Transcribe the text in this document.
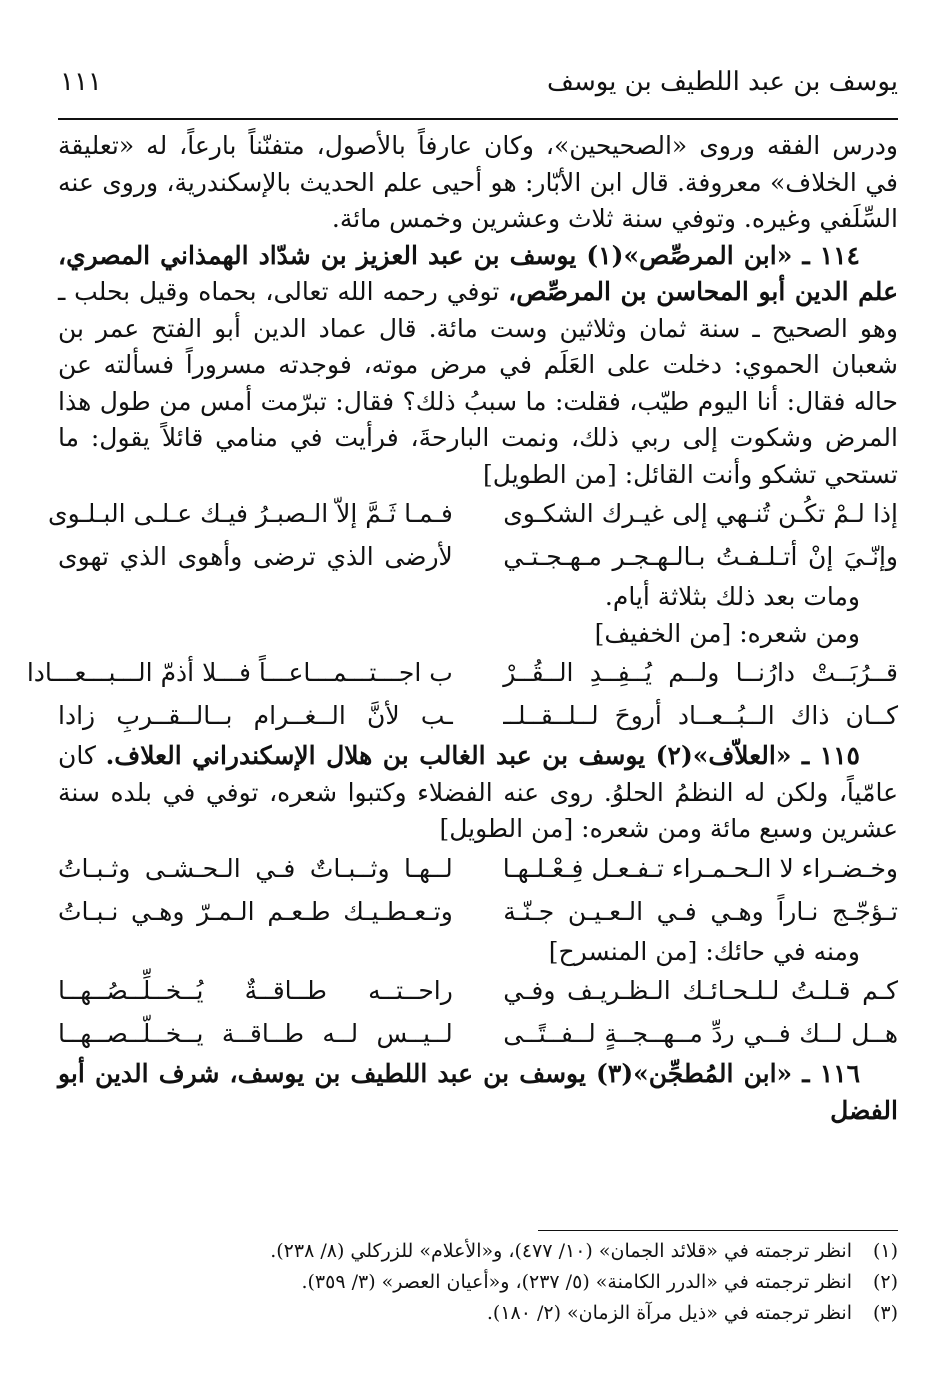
يوسف بن عبد اللطيف بن يوسف
١١١

ودرس الفقه وروى «الصحيحين»، وكان عارفاً بالأصول، متفنّناً بارعاً، له «تعليقة في الخلاف» معروفة. قال ابن الأبّار: هو أحيى علم الحديث بالإسكندرية، وروى عنه السِّلَفي وغيره. وتوفي سنة ثلاث وعشرين وخمس مائة.

١١٤ ـ «ابن المرصِّص»(١) يوسف بن عبد العزيز بن شدّاد الهمذاني المصري، علم الدين أبو المحاسن بن المرصِّص، توفي رحمه الله تعالى، بحماه وقيل بحلب ـ وهو الصحيح ـ سنة ثمان وثلاثين وست مائة. قال عماد الدين أبو الفتح عمر بن شعبان الحموي: دخلت على العَلَم في مرض موته، فوجدته مسروراً فسألته عن حاله فقال: أنا اليوم طيّب، فقلت: ما سببُ ذلك؟ فقال: تبرّمت أمس من طول هذا المرض وشكوت إلى ربي ذلك، ونمت البارحةَ، فرأيت في منامي قائلاً يقول: ما تستحي تشكو وأنت القائل: [من الطويل]

إذا لـمْ تكُـن تُنـهي إلى غيـرك الشكـوى
فـمـا ثَـمَّ إلاّ الـصبـرُ فيـك عـلـى البـلـوى
وإنّـيَ إنْ أتـلـفـتُ بـالـهـجـر مـهـجـتـي
لأرضى الذي ترضى وأهوى الذي تهوى

ومات بعد ذلك بثلاثة أيام.

ومن شعره: [من الخفيف]

قــرُبَــتْ دارُنــا ولــم يُــفِــدِ الــقُــرْ
ب اجـــتـــمـــاعـــاً فـــلا أذمّ الـــبـــعـــادا
كــان ذاك الــبُــعــاد أروحَ لــلــقــلــ
ـب لأنَّ الــغــرام بــالــقــربِ زادا

١١٥ ـ «العلاّف»(٢) يوسف بن عبد الغالب بن هلال الإسكندراني العلاف. كان عامّياً، ولكن له النظمُ الحلوُ. روى عنه الفضلاء وكتبوا شعره، توفي في بلده سنة عشرين وسبع مائة ومن شعره: [من الطويل]

وخـضـراء لا الـحـمـراء تـفـعـل فِـعْـلـهـا
لــهـا وثــبـاتٌ فـي الـحـشـى وثـبـاتُ
تـؤجّـج نـاراً وهـي فـي الـعـيـن جـنّـة
وتـعـطـيـك طـعـم الـمـرّ وهـي نـبـاتُ

ومنه في حائك: [من المنسرح]

كـم قـلـتُ لـلـحـائـك الـظـريـف وفـي
راحــتــه طــاقــةٌ يُــخــلِّــصُــهــا
هــل لــك فــي ردِّ مــهــجــةٍ لــفــتًــى
لــيــس لــه طــاقــة يــخــلّــصــهــا

١١٦ ـ «ابن المُطجِّن»(٣) يوسف بن عبد اللطيف بن يوسف، شرف الدين أبو الفضل

(١)
انظر ترجمته في «قلائد الجمان» (١٠/ ٤٧٧)، و«الأعلام» للزركلي (٨/ ٢٣٨).
(٢)
انظر ترجمته في «الدرر الكامنة» (٥/ ٢٣٧)، و«أعيان العصر» (٣/ ٣٥٩).
(٣)
انظر ترجمته في «ذيل مرآة الزمان» (٢/ ١٨٠).
